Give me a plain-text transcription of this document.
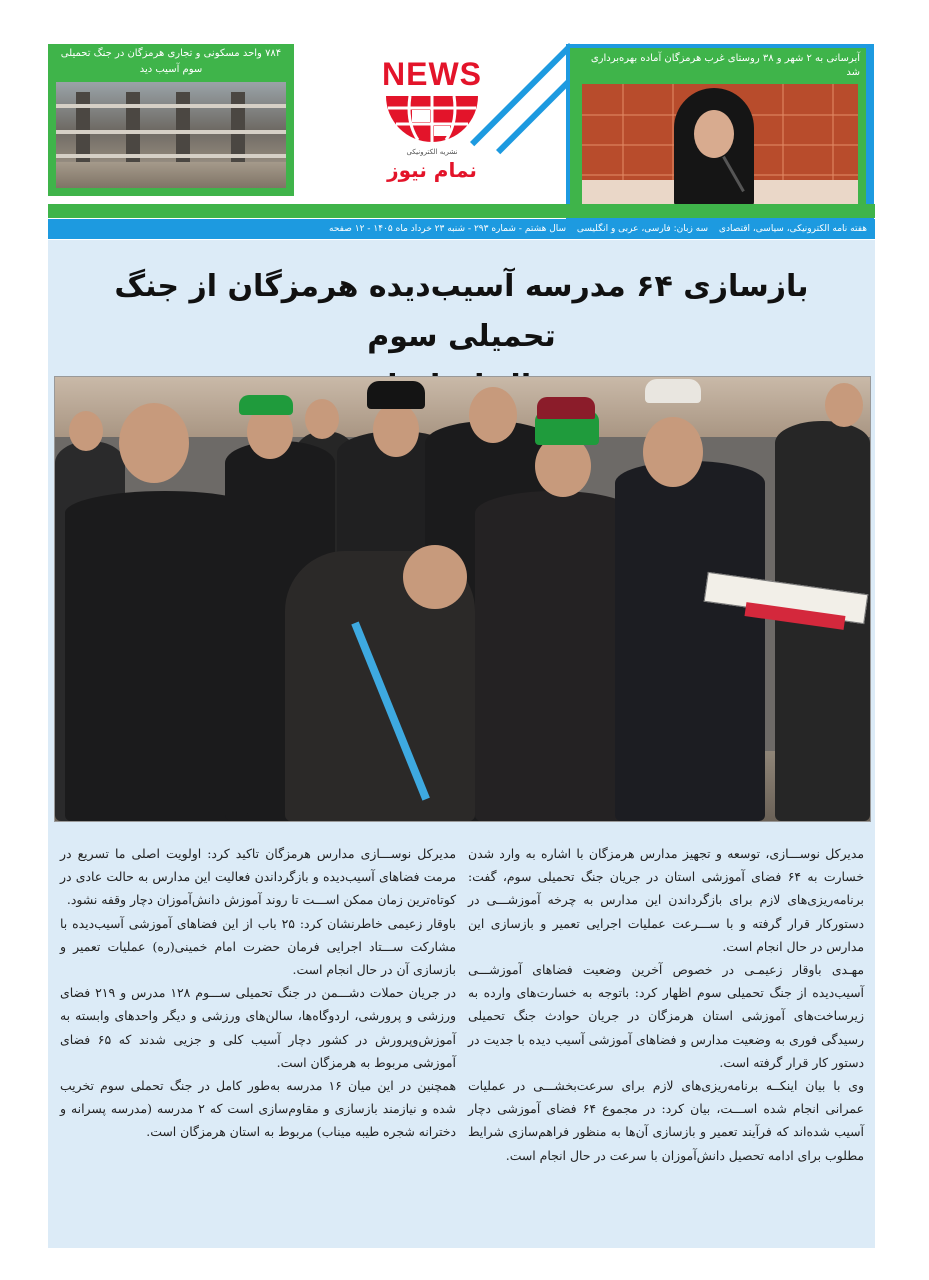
۷۸۴ واحد مسکونی و تجاری هرمزگان در جنگ تحمیلی سوم آسیب دید	NEWS
نشریه الکترونیکی
نمام نیوز
آبرسانی به ۲ شهر و ۳۸ روستای غرب هرمزگان آماده بهره‌برداری شد
هفته نامه الکترونیکی، سیاسی، اقتصادی سه زبان: فارسی، عربی و انگلیسی سال هشتم - شماره ۲۹۳ - شنبه ۲۳ خرداد ماه ۱۴۰۵ - ۱۲ صفحه
بازسازی ۶۴ مدرسه آسیب‌دیده هرمزگان از جنگ تحمیلی سوم

مدیرکل نوســـازی، توسعه و تجهیز مدارس هرمزگان با اشاره به وارد شدن خسارت به ۶۴ فضای آموزشی استان در جریان جنگ تحمیلی سوم، گفت: برنامه‌ریزی‌های لازم برای بازگرداندن این مدارس به چرخه آموزشـــی در دستورکار قرار گرفته و با ســـرعت عملیات اجرایی تعمیر و بازسازی این مدارس در حال انجام است.

مهـدی باوقار زعیمـی در خصوص آخرین وضعیت فضاهای آموزشـــی آسیب‌دیده از جنگ تحمیلی سوم اظهار کرد: باتوجه به خسارت‌های وارده به زیرساخت‌های آموزشی استان هرمزگان در جریان حوادث جنگ تحمیلی رسیدگی فوری به وضعیت مدارس و فضاهای آموزشی آسیب دیده با جدیت در دستور کار قرار گرفته است.

وی با بیان اینکــه برنامه‌ریزی‌های لازم برای سرعت‌بخشـــی در عملیات عمرانی انجام شده اســـت، بیان کرد: در مجموع ۶۴ فضای آموزشی دچار آسیب شده‌اند که فرآیند تعمیر و بازسازی آن‌ها به منظور فراهم‌سازی شرایط مطلوب برای ادامه تحصیل دانش‌آموزان با سرعت در حال انجام است.

مدیرکل نوســـازی مدارس هرمزگان تاکید کرد: اولویت اصلی ما تسریع در مرمت فضاهای آسیب‌دیده و بازگرداندن فعالیت این مدارس به حالت عادی در کوتاه‌ترین زمان ممکن اســـت تا روند آموزش دانش‌آموزان دچار وقفه نشود.

باوقار زعیمی خاطرنشان کرد: ۲۵ باب از این فضاهای آموزشی آسیب‌دیده با مشارکت ســـتاد اجرایی فرمان حضرت امام خمینی(ره) عملیات تعمیر و بازسازی آن در حال انجام است.

در جریان حملات دشـــمن در جنگ تحمیلی ســـوم ۱۲۸ مدرس و ۲۱۹ فضای ورزشی و پرورشی، اردوگاه‌ها، سالن‌های ورزشی و دیگر واحدهای وابسته به آموزش‌وپرورش در کشور دچار آسیب کلی و جزیی شدند که ۶۵ فضای آموزشی مربوط به هرمزگان است.

همچنین در این میان ۱۶ مدرسه به‌طور کامل در جنگ تحملی سوم تخریب شده و نیازمند بازسازی و مقاوم‌سازی است که ۲ مدرسه (مدرسه پسرانه و دخترانه شجره طیبه میناب) مربوط به استان هرمزگان است.
